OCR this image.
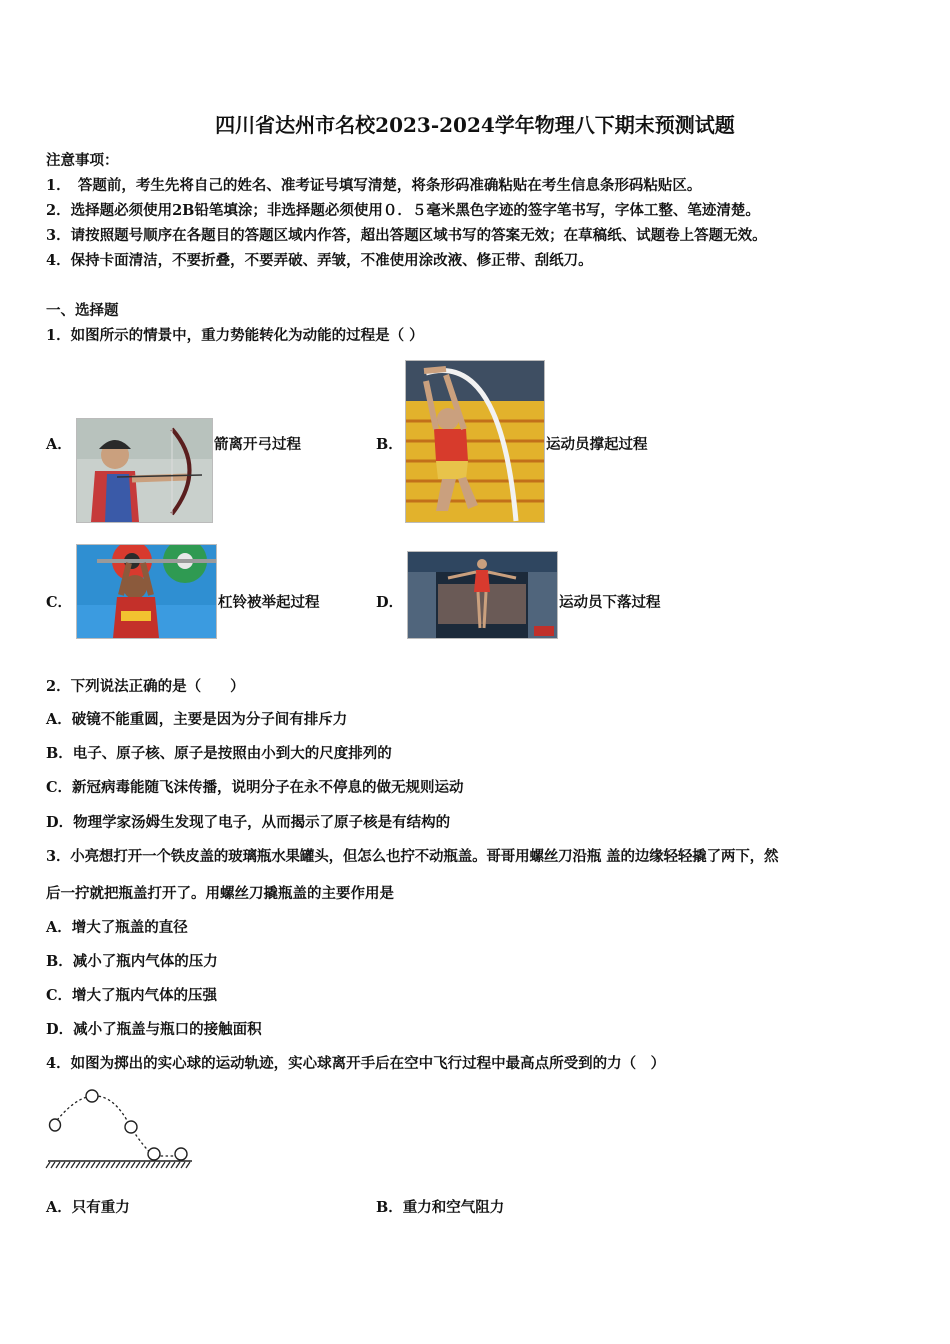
四川省达州市名校2023-2024学年物理八下期末预测试题
注意事项：
1．　答题前，考生先将自己的姓名、准考证号填写清楚，将条形码准确粘贴在考生信息条形码粘贴区。
2．选择题必须使用2B铅笔填涂；非选择题必须使用０．５毫米黑色字迹的签字笔书写，字体工整、笔迹清楚。
3．请按照题号顺序在各题目的答题区域内作答，超出答题区域书写的答案无效；在草稿纸、试题卷上答题无效。
4．保持卡面清洁，不要折叠，不要弄破、弄皱，不准使用涂改液、修正带、刮纸刀。
一、选择题
1．如图所示的情景中，重力势能转化为动能的过程是（ ）
A．	箭离开弓过程	B．	运动员撑起过程
C．	杠铃被举起过程	D．	运动员下落过程
2．下列说法正确的是（　　）
A．破镜不能重圆，主要是因为分子间有排斥力
B．电子、原子核、原子是按照由小到大的尺度排列的
C．新冠病毒能随飞沫传播，说明分子在永不停息的做无规则运动
D．物理学家汤姆生发现了电子，从而揭示了原子核是有结构的
3．小亮想打开一个铁皮盖的玻璃瓶水果罐头，但怎么也拧不动瓶盖。哥哥用螺丝刀沿瓶 盖的边缘轻轻撬了两下，然
后一拧就把瓶盖打开了。用螺丝刀撬瓶盖的主要作用是
A．增大了瓶盖的直径
B．减小了瓶内气体的压力
C．增大了瓶内气体的压强
D．减小了瓶盖与瓶口的接触面积
4．如图为掷出的实心球的运动轨迹，实心球离开手后在空中飞行过程中最高点所受到的力（　）
A．只有重力	B．重力和空气阻力
